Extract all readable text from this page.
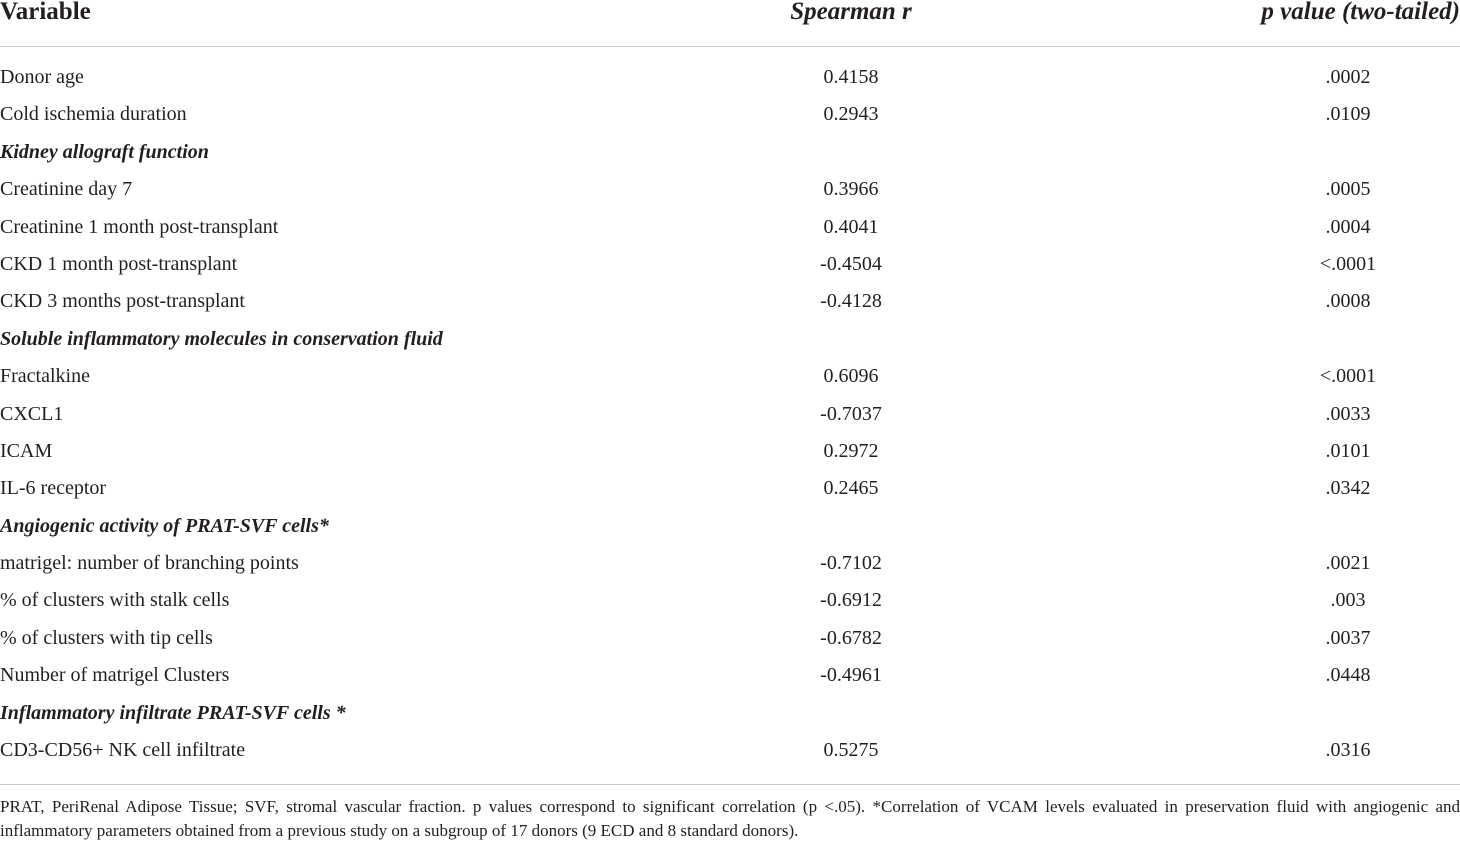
Variable	Spearman r	p value (two-tailed)
Donor age	0.4158	.0002
Cold ischemia duration	0.2943	.0109
Kidney allograft function
Creatinine day 7	0.3966	.0005
Creatinine 1 month post-transplant	0.4041	.0004
CKD 1 month post-transplant	-0.4504	<.0001
CKD 3 months post-transplant	-0.4128	.0008
Soluble inflammatory molecules in conservation fluid
Fractalkine	0.6096	<.0001
CXCL1	-0.7037	.0033
ICAM	0.2972	.0101
IL-6 receptor	0.2465	.0342
Angiogenic activity of PRAT-SVF cells*
matrigel: number of branching points	-0.7102	.0021
% of clusters with stalk cells	-0.6912	.003
% of clusters with tip cells	-0.6782	.0037
Number of matrigel Clusters	-0.4961	.0448
Inflammatory infiltrate PRAT-SVF cells *
CD3-CD56+ NK cell infiltrate	0.5275	.0316
PRAT, PeriRenal Adipose Tissue; SVF, stromal vascular fraction. p values correspond to significant correlation (p <.05). *Correlation of VCAM levels evaluated in preservation fluid with angiogenic and inflammatory parameters obtained from a previous study on a subgroup of 17 donors (9 ECD and 8 standard donors).
